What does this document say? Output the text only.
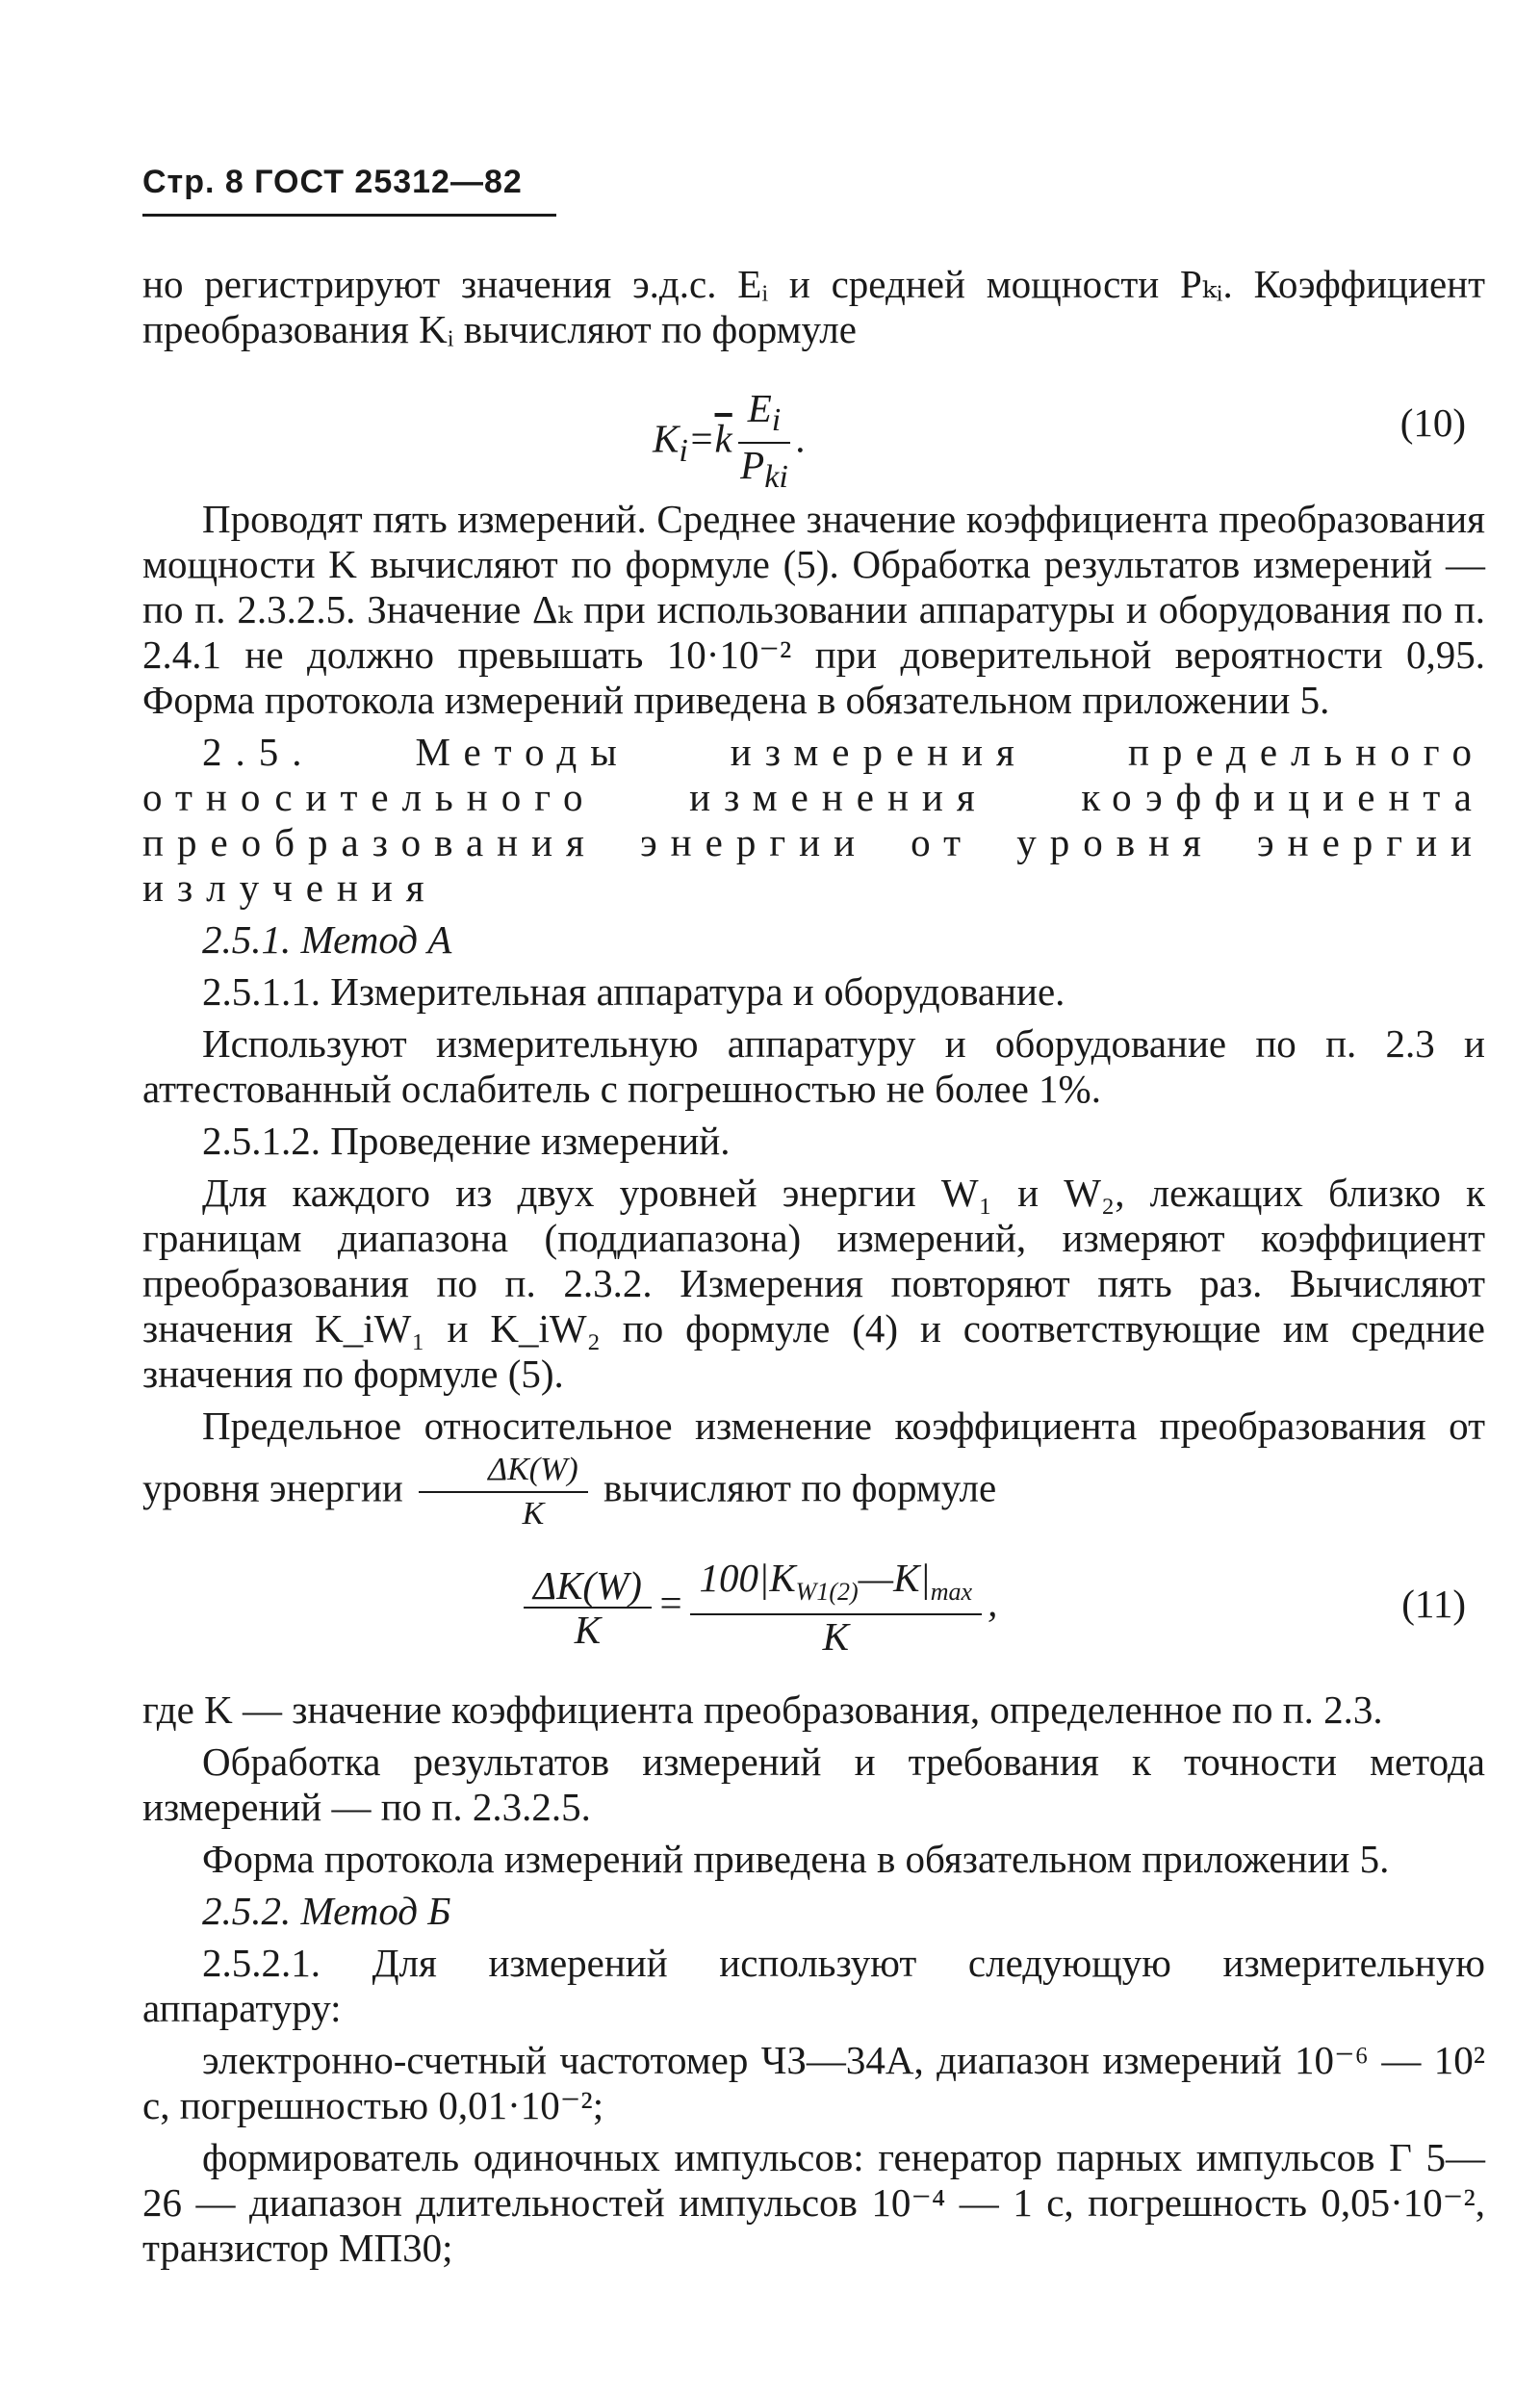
Стр. 8 ГОСТ 25312—82

но регистрируют значения э.д.с. Eᵢ и средней мощности Pₖᵢ. Коэффициент преобразования Kᵢ вычисляют по формуле

$K_i=\overline{k} \frac{E_i}{P_{ki}}$ .	(10)

Проводят пять измерений. Среднее значение коэффициента преобразования мощности K вычисляют по формуле (5). Обработка результатов измерений — по п. 2.3.2.5. Значение Δₖ при использовании аппаратуры и оборудования по п. 2.4.1 не должно превышать 10·10⁻² при доверительной вероятности 0,95. Форма протокола измерений приведена в обязательном приложении 5.

2.5. Методы измерения предельного относительного изменения коэффициента преобразования энергии от уровня энергии излучения

2.5.1. Метод А

2.5.1.1. Измерительная аппаратура и оборудование.

Используют измерительную аппаратуру и оборудование по п. 2.3 и аттестованный ослабитель с погрешностью не более 1%.

2.5.1.2. Проведение измерений.

Для каждого из двух уровней энергии W₁ и W₂, лежащих близко к границам диапазона (поддиапазона) измерений, измеряют коэффициент преобразования по п. 2.3.2. Измерения повторяют пять раз. Вычисляют значения K_iW₁ и K_iW₂ по формуле (4) и соответствующие им средние значения по формуле (5).

Предельное относительное изменение коэффициента преобразования от уровня энергии $\frac{\Delta K(W)}{K}$ вычисляют по формуле

$\frac{\Delta K(W)}{K} = \frac{100|K_{W1(2)}—K|_{max}}{K}$ ,	(11)

где K — значение коэффициента преобразования, определенное по п. 2.3.

Обработка результатов измерений и требования к точности метода измерений — по п. 2.3.2.5.

Форма протокола измерений приведена в обязательном приложении 5.

2.5.2. Метод Б

2.5.2.1. Для измерений используют следующую измерительную аппаратуру:

электронно-счетный частотомер ЧЗ—34А, диапазон измерений 10⁻⁶ — 10² с, погрешностью 0,01·10⁻²;

формирователь одиночных импульсов: генератор парных импульсов Г 5—26 — диапазон длительностей импульсов 10⁻⁴ — 1 с, погрешность 0,05·10⁻², транзистор МП30;
